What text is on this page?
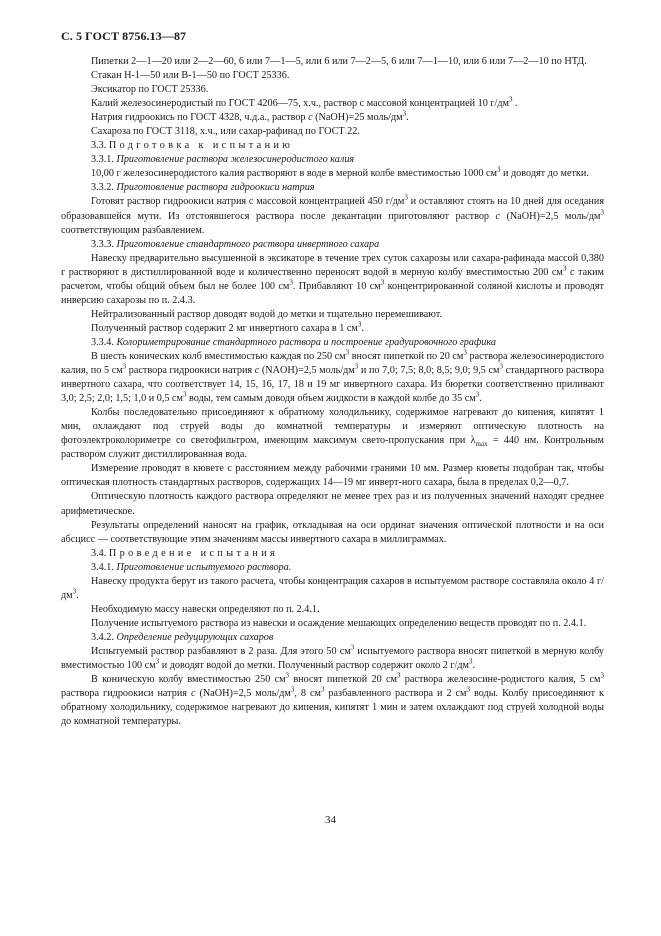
С. 5 ГОСТ 8756.13—87

Пипетки 2—1—20 или 2—2—60, 6 или 7—1—5, или 6 или 7—2—5, 6 или 7—1—10, или 6 или 7—2—10 по НТД.

Стакан Н-1—50 или В-1—50 по ГОСТ 25336.

Эксикатор по ГОСТ 25336.

Калий железосинеродистый по ГОСТ 4206—75, х.ч., раствор с массовой концентрацией 10 $г/дм^3$ .

Натрия гидроокись по ГОСТ 4328, ч.д.а., раствор с (NaOH)=25 моль/$дм^3$.

Сахароза по ГОСТ 3118, х.ч., или сахар-рафинад по ГОСТ 22.

3.3. Подготовка к испытанию

3.3.1. Приготовление раствора железосинеродистого калия

10,00 г железосинеродистого калия растворяют в воде в мерной колбе вместимостью 1000 $см^3$ и доводят до метки.

3.3.2. Приготовление раствора гидроокиси натрия

Готовят раствор гидроокиси натрия с массовой концентрацией 450 $г/дм^3$ и оставляют стоять на 10 дней для оседания образовавшейся мути. Из отстоявшегося раствора после декантации приготовляют раствор с (NaOH)=2,5 моль/$дм^3$ соответствующим разбавлением.

3.3.3. Приготовление стандартного раствора инвертного сахара

Навеску предварительно высушенной в эксикаторе в течение трех суток сахарозы или сахара-рафинада массой 0,380 г растворяют в дистиллированной воде и количественно переносят водой в мерную колбу вместимостью 200 $см^3$ с таким расчетом, чтобы общий объем был не более 100 $см^3$. Прибавляют 10 $см^3$ концентрированной соляной кислоты и проводят инверсию сахарозы по п. 2.4.3.

Нейтрализованный раствор доводят водой до метки и тщательно перемешивают.

Полученный раствор содержит 2 мг инвертного сахара в 1 $см^3$.

3.3.4. Колориметрирование стандартного раствора и построение градуировочного графика

В шесть конических колб вместимостью каждая по 250 $см^3$ вносят пипеткой по 20 $см^3$ раствора железосинеродистого калия, по 5 $см^3$ раствора гидроокиси натрия с (NAOH)=2,5 моль/$дм^3$ и по 7,0; 7,5; 8,0; 8,5; 9,0; 9,5 $см^3$ стандартного раствора инвертного сахара, что соответствует 14, 15, 16, 17, 18 и 19 мг инвертного сахара. Из бюретки соответственно приливают 3,0; 2,5; 2,0; 1,5; 1,0 и 0,5 $см^3$ воды, тем самым доводя объем жидкости в каждой колбе до 35 $см^3$.

Колбы последовательно присоединяют к обратному холодильнику, содержимое нагревают до кипения, кипятят 1 мин, охлаждают под струей воды до комнатной температуры и измеряют оптическую плотность на фотоэлектроколориметре со светофильтром, имеющим максимум свето-пропускания при $\lambda_{max} = 440$ нм. Контрольным раствором служит дистиллированная вода.

Измерение проводят в кювете с расстоянием между рабочими гранями 10 мм. Размер кюветы подобран так, чтобы оптическая плотность стандартных растворов, содержащих 14—19 мг инверт-ного сахара, была в пределах 0,2—0,7.

Оптическую плотность каждого раствора определяют не менее трех раз и из полученных значений находят среднее арифметическое.

Результаты определений наносят на график, откладывая на оси ординат значения оптической плотности и на оси абсцисс — соответствующие этим значениям массы инвертного сахара в миллиграммах.

3.4. Проведение испытания

3.4.1. Приготовление испытуемого раствора.

Навеску продукта берут из такого расчета, чтобы концентрация сахаров в испытуемом растворе составляла около 4 $г/дм^3$.

Необходимую массу навески определяют по п. 2.4.1.

Получение испытуемого раствора из навески и осаждение мешающих определению веществ проводят по п. 2.4.1.

3.4.2. Определение редуцирующих сахаров

Испытуемый раствор разбавляют в 2 раза. Для этого 50 $см^3$ испытуемого раствора вносят пипеткой в мерную колбу вместимостью 100 $см^3$ и доводят водой до метки. Полученный раствор содержит около 2 $г/дм^3$.

В коническую колбу вместимостью 250 $см^3$ вносят пипеткой 20 $см^3$ раствора железосине-родистого калия, 5 $см^3$ раствора гидроокиси натрия с (NaOH)=2,5 моль/$дм^3$, 8 $см^3$ разбавленного раствора и 2 $см^3$ воды. Колбу присоединяют к обратному холодильнику, содержимое нагревают до кипения, кипятят 1 мин и затем охлаждают под струей холодной воды до комнатной температуры.

34
